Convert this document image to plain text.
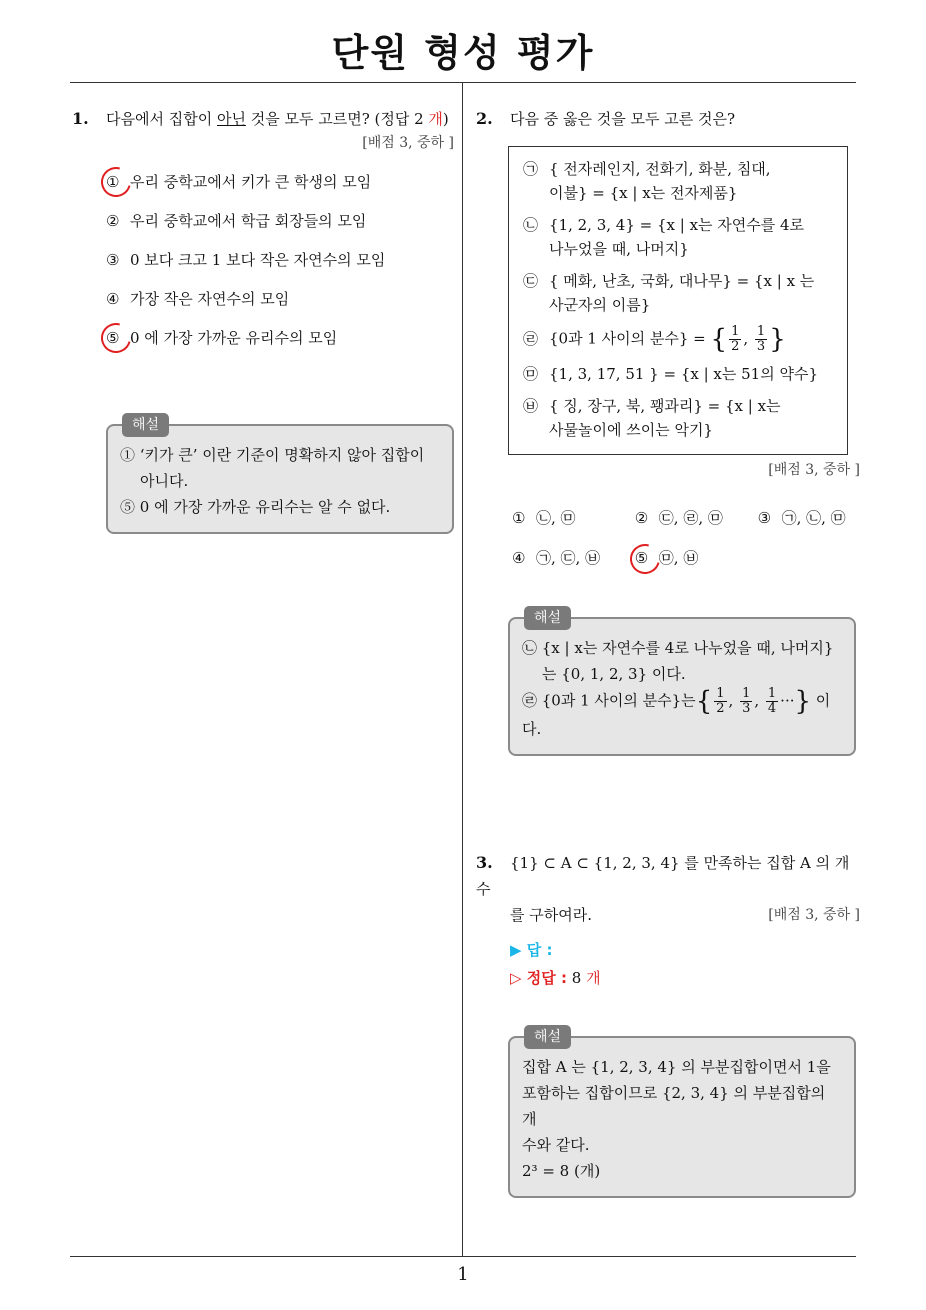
단원 형성 평가
1
1. 다음에서 집합이 아닌 것을 모두 고르면? (정답 2 개)
[배점 3, 중하 ]
① 우리 중학교에서 키가 큰 학생의 모임
② 우리 중학교에서 학급 회장들의 모임
③ 0 보다 크고 1 보다 작은 자연수의 모임
④ 가장 작은 자연수의 모임
⑤ 0 에 가장 가까운 유리수의 모임
해설
① ‘키가 큰’ 이란 기준이 명확하지 않아 집합이
아니다.
⑤ 0 에 가장 가까운 유리수는 알 수 없다.
2. 다음 중 옳은 것을 모두 고른 것은?
㉠ { 전자레인지, 전화기, 화분, 침대,
이불} = {x | x는 전자제품}
㉡ {1, 2, 3, 4} = {x | x는 자연수를 4로
나누었을 때, 나머지}
㉢ { 메화, 난초, 국화, 대나무} = {x | x 는
사군자의 이름}
㉣ {0과 1 사이의 분수} = { $\frac{1}{2}$ , $\frac{1}{3}$ }
㉤ {1, 3, 17, 51 } = {x | x는 51의 약수}
㉥ { 징, 장구, 북, 꽹과리} = {x | x는
사물놀이에 쓰이는 악기}
[배점 3, 중하 ]
① ㉡, ㉤	② ㉢, ㉣, ㉤ ③ ㉠, ㉡, ㉤
④ ㉠, ㉢, ㉥ ⑤ ㉤, ㉥
해설
㉡ {x | x는 자연수를 4로 나누었을 때, 나머지}
는 {0, 1, 2, 3} 이다.
㉣ {0과 1 사이의 분수}는{ $\frac{1}{2}$ , $\frac{1}{3}$ , $\frac{1}{4}$ ···} 이다.
3. {1} ⊂ A ⊂ {1, 2, 3, 4} 를 만족하는 집합 A 의 개수
를 구하여라.	[배점 3, 중하 ]
▶ 답 :
▷ 정답 : 8 개
해설
집합 A 는 {1, 2, 3, 4} 의 부분집합이면서 1을
포함하는 집합이므로 {2, 3, 4} 의 부분집합의 개
수와 같다.
2³ = 8 (개)
